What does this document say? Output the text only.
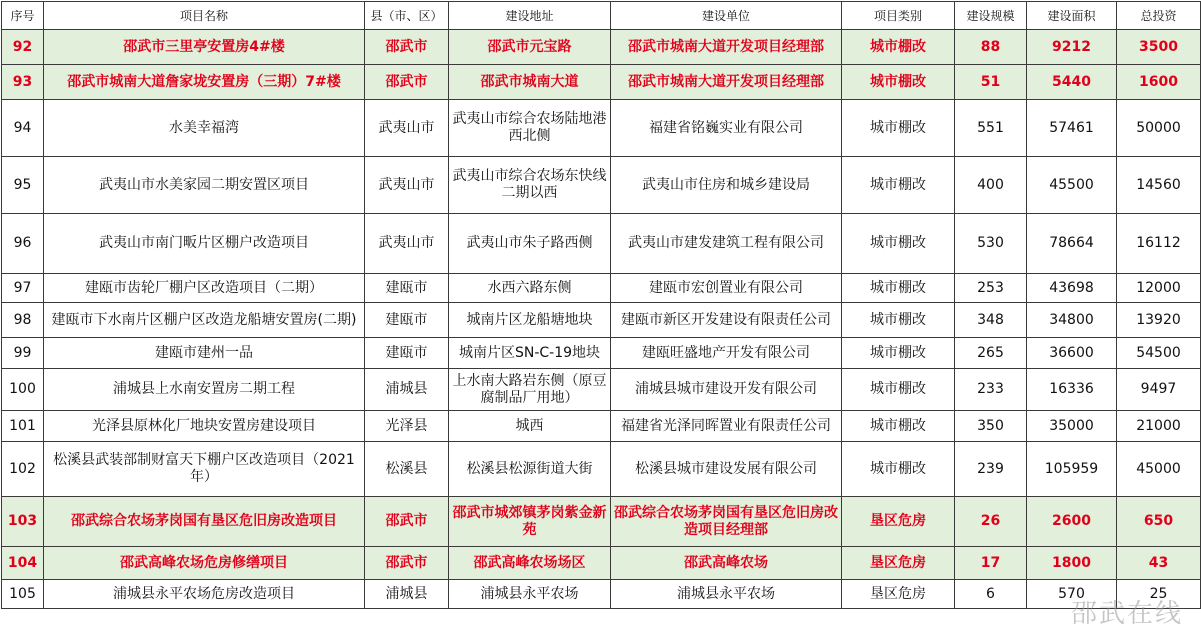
序号	项目名称	县（市、区）	建设地址	建设单位	项目类别	建设规模	建设面积	总投资
92	邵武市三里亭安置房4#楼	邵武市	邵武市元宝路	邵武市城南大道开发项目经理部	城市棚改	88	9212	3500
93	邵武市城南大道詹家垅安置房（三期）7#楼	邵武市	邵武市城南大道	邵武市城南大道开发项目经理部	城市棚改	51	5440	1600
94	水美幸福湾	武夷山市	武夷山市综合农场陆地港西北侧	福建省铭巍实业有限公司	城市棚改	551	57461	50000
95	武夷山市水美家园二期安置区项目	武夷山市	武夷山市综合农场东快线二期以西	武夷山市住房和城乡建设局	城市棚改	400	45500	14560
96	武夷山市南门畈片区棚户改造项目	武夷山市	武夷山市朱子路西侧	武夷山市建发建筑工程有限公司	城市棚改	530	78664	16112
97	建瓯市齿轮厂棚户区改造项目（二期）	建瓯市	水西六路东侧	建瓯市宏创置业有限公司	城市棚改	253	43698	12000
98	建瓯市下水南片区棚户区改造龙船塘安置房(二期)	建瓯市	城南片区龙船塘地块	建瓯市新区开发建设有限责任公司	城市棚改	348	34800	13920
99	建瓯市建州一品	建瓯市	城南片区SN-C-19地块	建瓯旺盛地产开发有限公司	城市棚改	265	36600	54500
100	浦城县上水南安置房二期工程	浦城县	上水南大路岩东侧（原豆腐制品厂用地）	浦城县城市建设开发有限公司	城市棚改	233	16336	9497
101	光泽县原林化厂地块安置房建设项目	光泽县	城西	福建省光泽同晖置业有限责任公司	城市棚改	350	35000	21000
102	松溪县武装部制财富天下棚户区改造项目（2021年）	松溪县	松溪县松源街道大街	松溪县城市建设发展有限公司	城市棚改	239	105959	45000
103	邵武综合农场茅岗国有垦区危旧房改造项目	邵武市	邵武市城郊镇茅岗紫金新苑	邵武综合农场茅岗国有垦区危旧房改造项目经理部	垦区危房	26	2600	650
104	邵武高峰农场危房修缮项目	邵武市	邵武高峰农场场区	邵武高峰农场	垦区危房	17	1800	43
105	浦城县永平农场危房改造项目	浦城县	浦城县永平农场	浦城县永平农场	垦区危房	6	570	25
邵武在线
